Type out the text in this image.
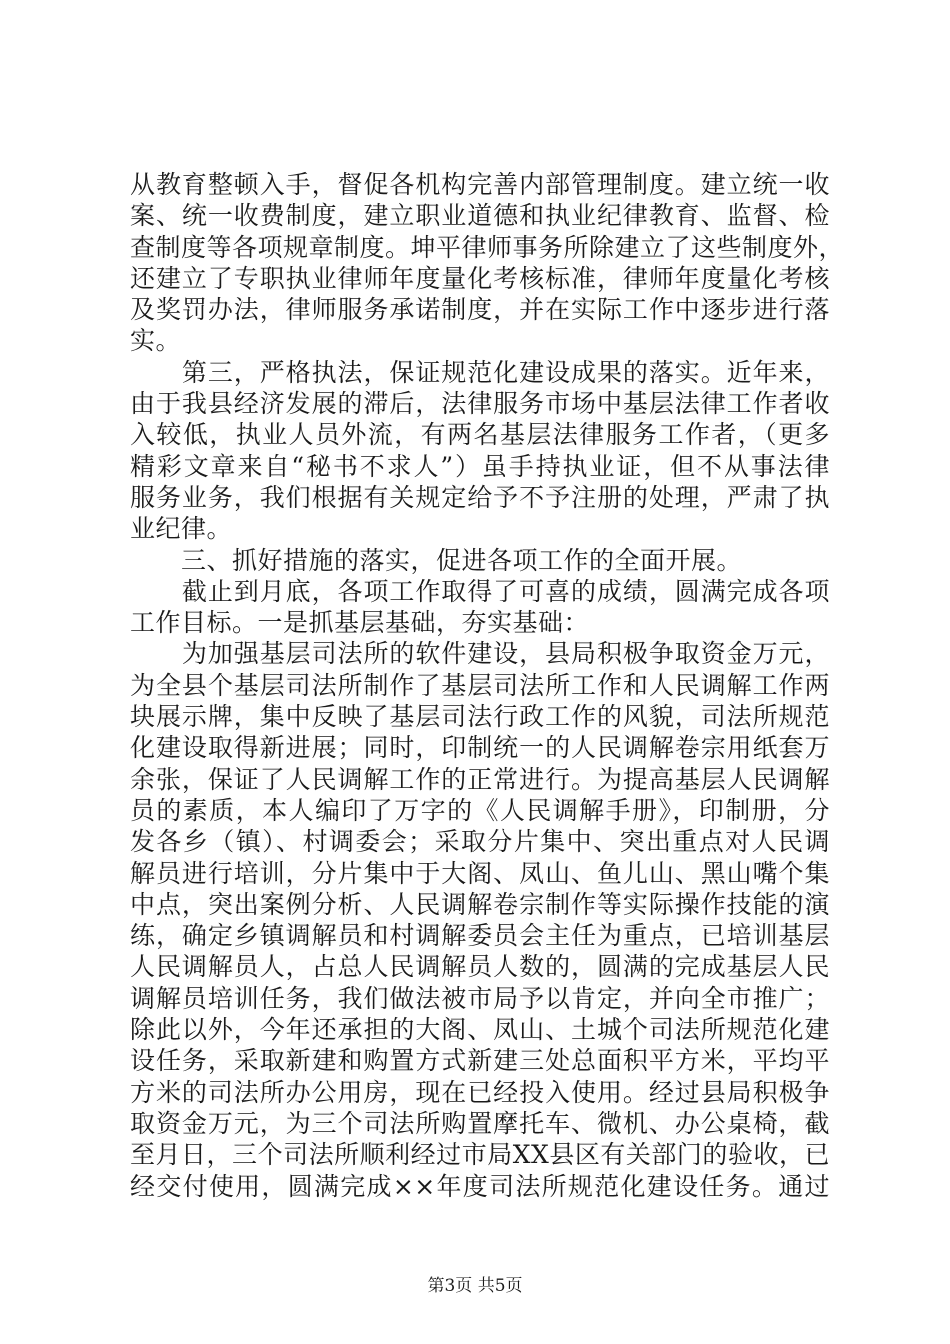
从教育整顿入手，督促各机构完善内部管理制度。建立统一收
案、统一收费制度，建立职业道德和执业纪律教育、监督、检
查制度等各项规章制度。坤平律师事务所除建立了这些制度外，
还建立了专职执业律师年度量化考核标准，律师年度量化考核
及奖罚办法，律师服务承诺制度，并在实际工作中逐步进行落
实。
　　第三，严格执法，保证规范化建设成果的落实。近年来，
由于我县经济发展的滞后，法律服务市场中基层法律工作者收
入较低，执业人员外流，有两名基层法律服务工作者，（更多
精彩文章来自“秘书不求人”）虽手持执业证，但不从事法律
服务业务，我们根据有关规定给予不予注册的处理，严肃了执
业纪律。
　　三、抓好措施的落实，促进各项工作的全面开展。
　　截止到月底，各项工作取得了可喜的成绩，圆满完成各项
工作目标。一是抓基层基础，夯实基础：
　　为加强基层司法所的软件建设，县局积极争取资金万元，
为全县个基层司法所制作了基层司法所工作和人民调解工作两
块展示牌，集中反映了基层司法行政工作的风貌，司法所规范
化建设取得新进展；同时，印制统一的人民调解卷宗用纸套万
余张，保证了人民调解工作的正常进行。为提高基层人民调解
员的素质，本人编印了万字的《人民调解手册》，印制册，分
发各乡（镇）、村调委会；采取分片集中、突出重点对人民调
解员进行培训，分片集中于大阁、凤山、鱼儿山、黑山嘴个集
中点，突出案例分析、人民调解卷宗制作等实际操作技能的演
练，确定乡镇调解员和村调解委员会主任为重点，已培训基层
人民调解员人，占总人民调解员人数的，圆满的完成基层人民
调解员培训任务，我们做法被市局予以肯定，并向全市推广；
除此以外，今年还承担的大阁、凤山、土城个司法所规范化建
设任务，采取新建和购置方式新建三处总面积平方米，平均平
方米的司法所办公用房，现在已经投入使用。经过县局积极争
取资金万元，为三个司法所购置摩托车、微机、办公桌椅，截
至月日，三个司法所顺利经过市局XX县区有关部门的验收，已
经交付使用，圆满完成××年度司法所规范化建设任务。通过
第3页 共5页
